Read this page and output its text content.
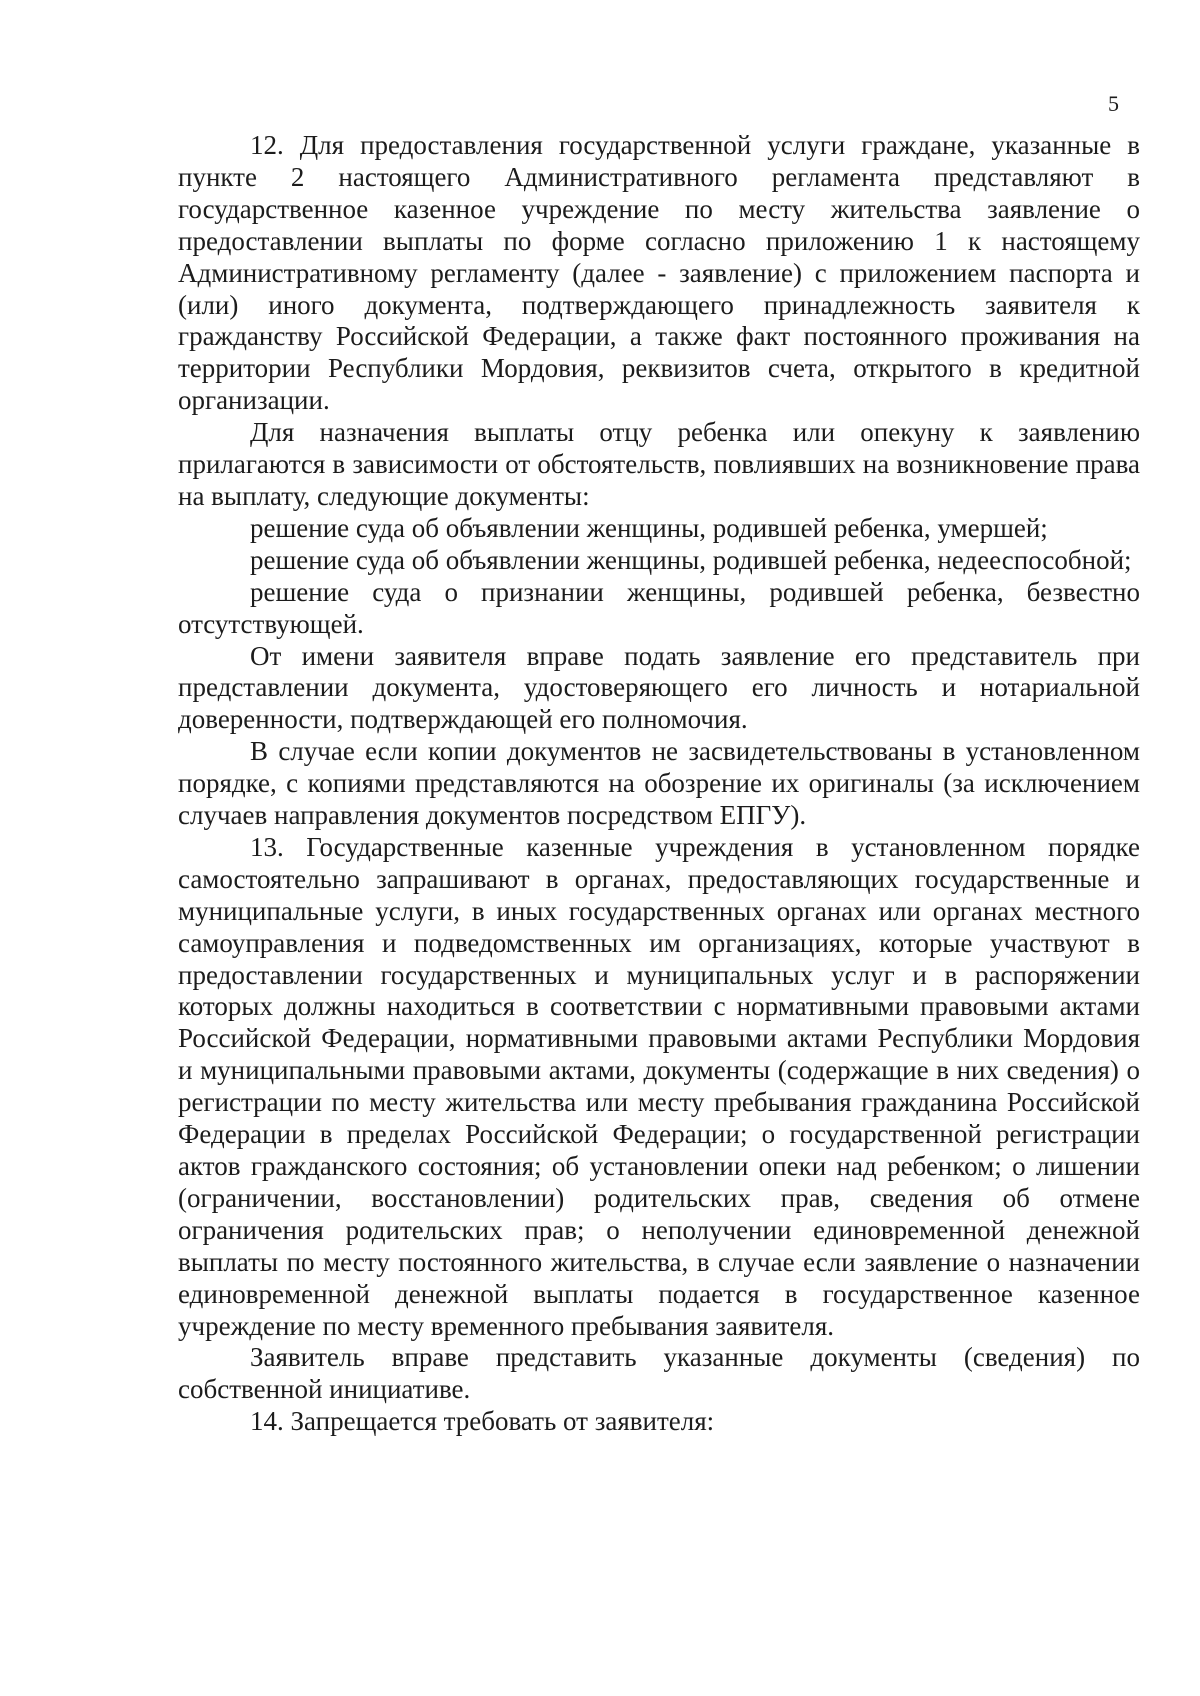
5

12. Для предоставления государственной услуги граждане, указанные в пункте 2 настоящего Административного регламента представляют в государственное казенное учреждение по месту жительства заявление о предоставлении выплаты по форме согласно приложению 1 к настоящему Административному регламенту (далее - заявление) с приложением паспорта и (или) иного документа, подтверждающего принадлежность заявителя к гражданству Российской Федерации, а также факт постоянного проживания на территории Республики Мордовия, реквизитов счета, открытого в кредитной организации.

Для назначения выплаты отцу ребенка или опекуну к заявлению прилагаются в зависимости от обстоятельств, повлиявших на возникновение права на выплату, следующие документы:

решение суда об объявлении женщины, родившей ребенка, умершей;

решение суда об объявлении женщины, родившей ребенка, недееспособной;

решение суда о признании женщины, родившей ребенка, безвестно отсутствующей.

От имени заявителя вправе подать заявление его представитель при представлении документа, удостоверяющего его личность и нотариальной доверенности, подтверждающей его полномочия.

В случае если копии документов не засвидетельствованы в установленном порядке, с копиями представляются на обозрение их оригиналы (за исключением случаев направления документов посредством ЕПГУ).

13. Государственные казенные учреждения в установленном порядке самостоятельно запрашивают в органах, предоставляющих государственные и муниципальные услуги, в иных государственных органах или органах местного самоуправления и подведомственных им организациях, которые участвуют в предоставлении государственных и муниципальных услуг и в распоряжении которых должны находиться в соответствии с нормативными правовыми актами Российской Федерации, нормативными правовыми актами Республики Мордовия и муниципальными правовыми актами, документы (содержащие в них сведения) о регистрации по месту жительства или месту пребывания гражданина Российской Федерации в пределах Российской Федерации; о государственной регистрации актов гражданского состояния; об установлении опеки над ребенком; о лишении (ограничении, восстановлении) родительских прав, сведения об отмене ограничения родительских прав; о неполучении единовременной денежной выплаты по месту постоянного жительства, в случае если заявление о назначении единовременной денежной выплаты подается в государственное казенное учреждение по месту временного пребывания заявителя.

Заявитель вправе представить указанные документы (сведения) по собственной инициативе.

14. Запрещается требовать от заявителя:
